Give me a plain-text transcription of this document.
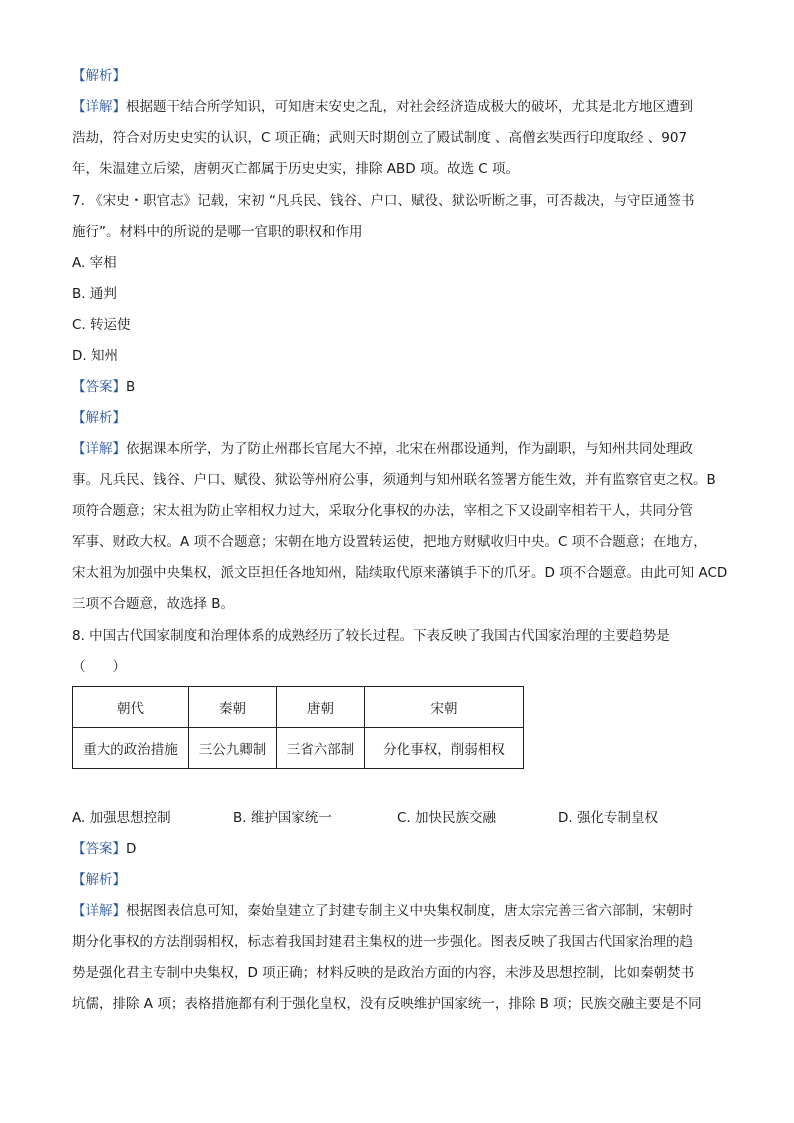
【解析】
【详解】根据题干结合所学知识，可知唐末安史之乱，对社会经济造成极大的破坏，尤其是北方地区遭到
浩劫，符合对历史史实的认识，C 项正确；武则天时期创立了殿试制度 、高僧玄奘西行印度取经 、907
年，朱温建立后梁，唐朝灭亡都属于历史史实，排除 ABD 项。故选 C 项。
7. 《宋史・职官志》记载，宋初 “凡兵民、钱谷、户口、赋役、狱讼听断之事，可否裁决，与守臣通签书
施行”。材料中的所说的是哪一官职的职权和作用
A. 宰相
B. 通判
C. 转运使
D. 知州
【答案】B
【解析】
【详解】依据课本所学，为了防止州郡长官尾大不掉，北宋在州郡设通判，作为副职，与知州共同处理政
事。凡兵民、钱谷、户口、赋役、狱讼等州府公事，须通判与知州联名签署方能生效，并有监察官吏之权。B
项符合题意；宋太祖为防止宰相权力过大，采取分化事权的办法，宰相之下又设副宰相若干人，共同分管
军事、财政大权。A 项不合题意；宋朝在地方设置转运使，把地方财赋收归中央。C 项不合题意；在地方，
宋太祖为加强中央集权，派文臣担任各地知州，陆续取代原来藩镇手下的爪牙。D 项不合题意。由此可知 ACD
三项不合题意，故选择 B。
8. 中国古代国家制度和治理体系的成熟经历了较长过程。下表反映了我国古代国家治理的主要趋势是
（　　）
朝代	秦朝	唐朝	宋朝
重大的政治措施	三公九卿制	三省六部制	分化事权，削弱相权
A. 加强思想控制	B. 维护国家统一	C. 加快民族交融	D. 强化专制皇权
【答案】D
【解析】
【详解】根据图表信息可知，秦始皇建立了封建专制主义中央集权制度，唐太宗完善三省六部制，宋朝时
期分化事权的方法削弱相权，标志着我国封建君主集权的进一步强化。图表反映了我国古代国家治理的趋
势是强化君主专制中央集权，D 项正确；材料反映的是政治方面的内容，未涉及思想控制，比如秦朝焚书
坑儒，排除 A 项；表格措施都有利于强化皇权，没有反映维护国家统一，排除 B 项；民族交融主要是不同
